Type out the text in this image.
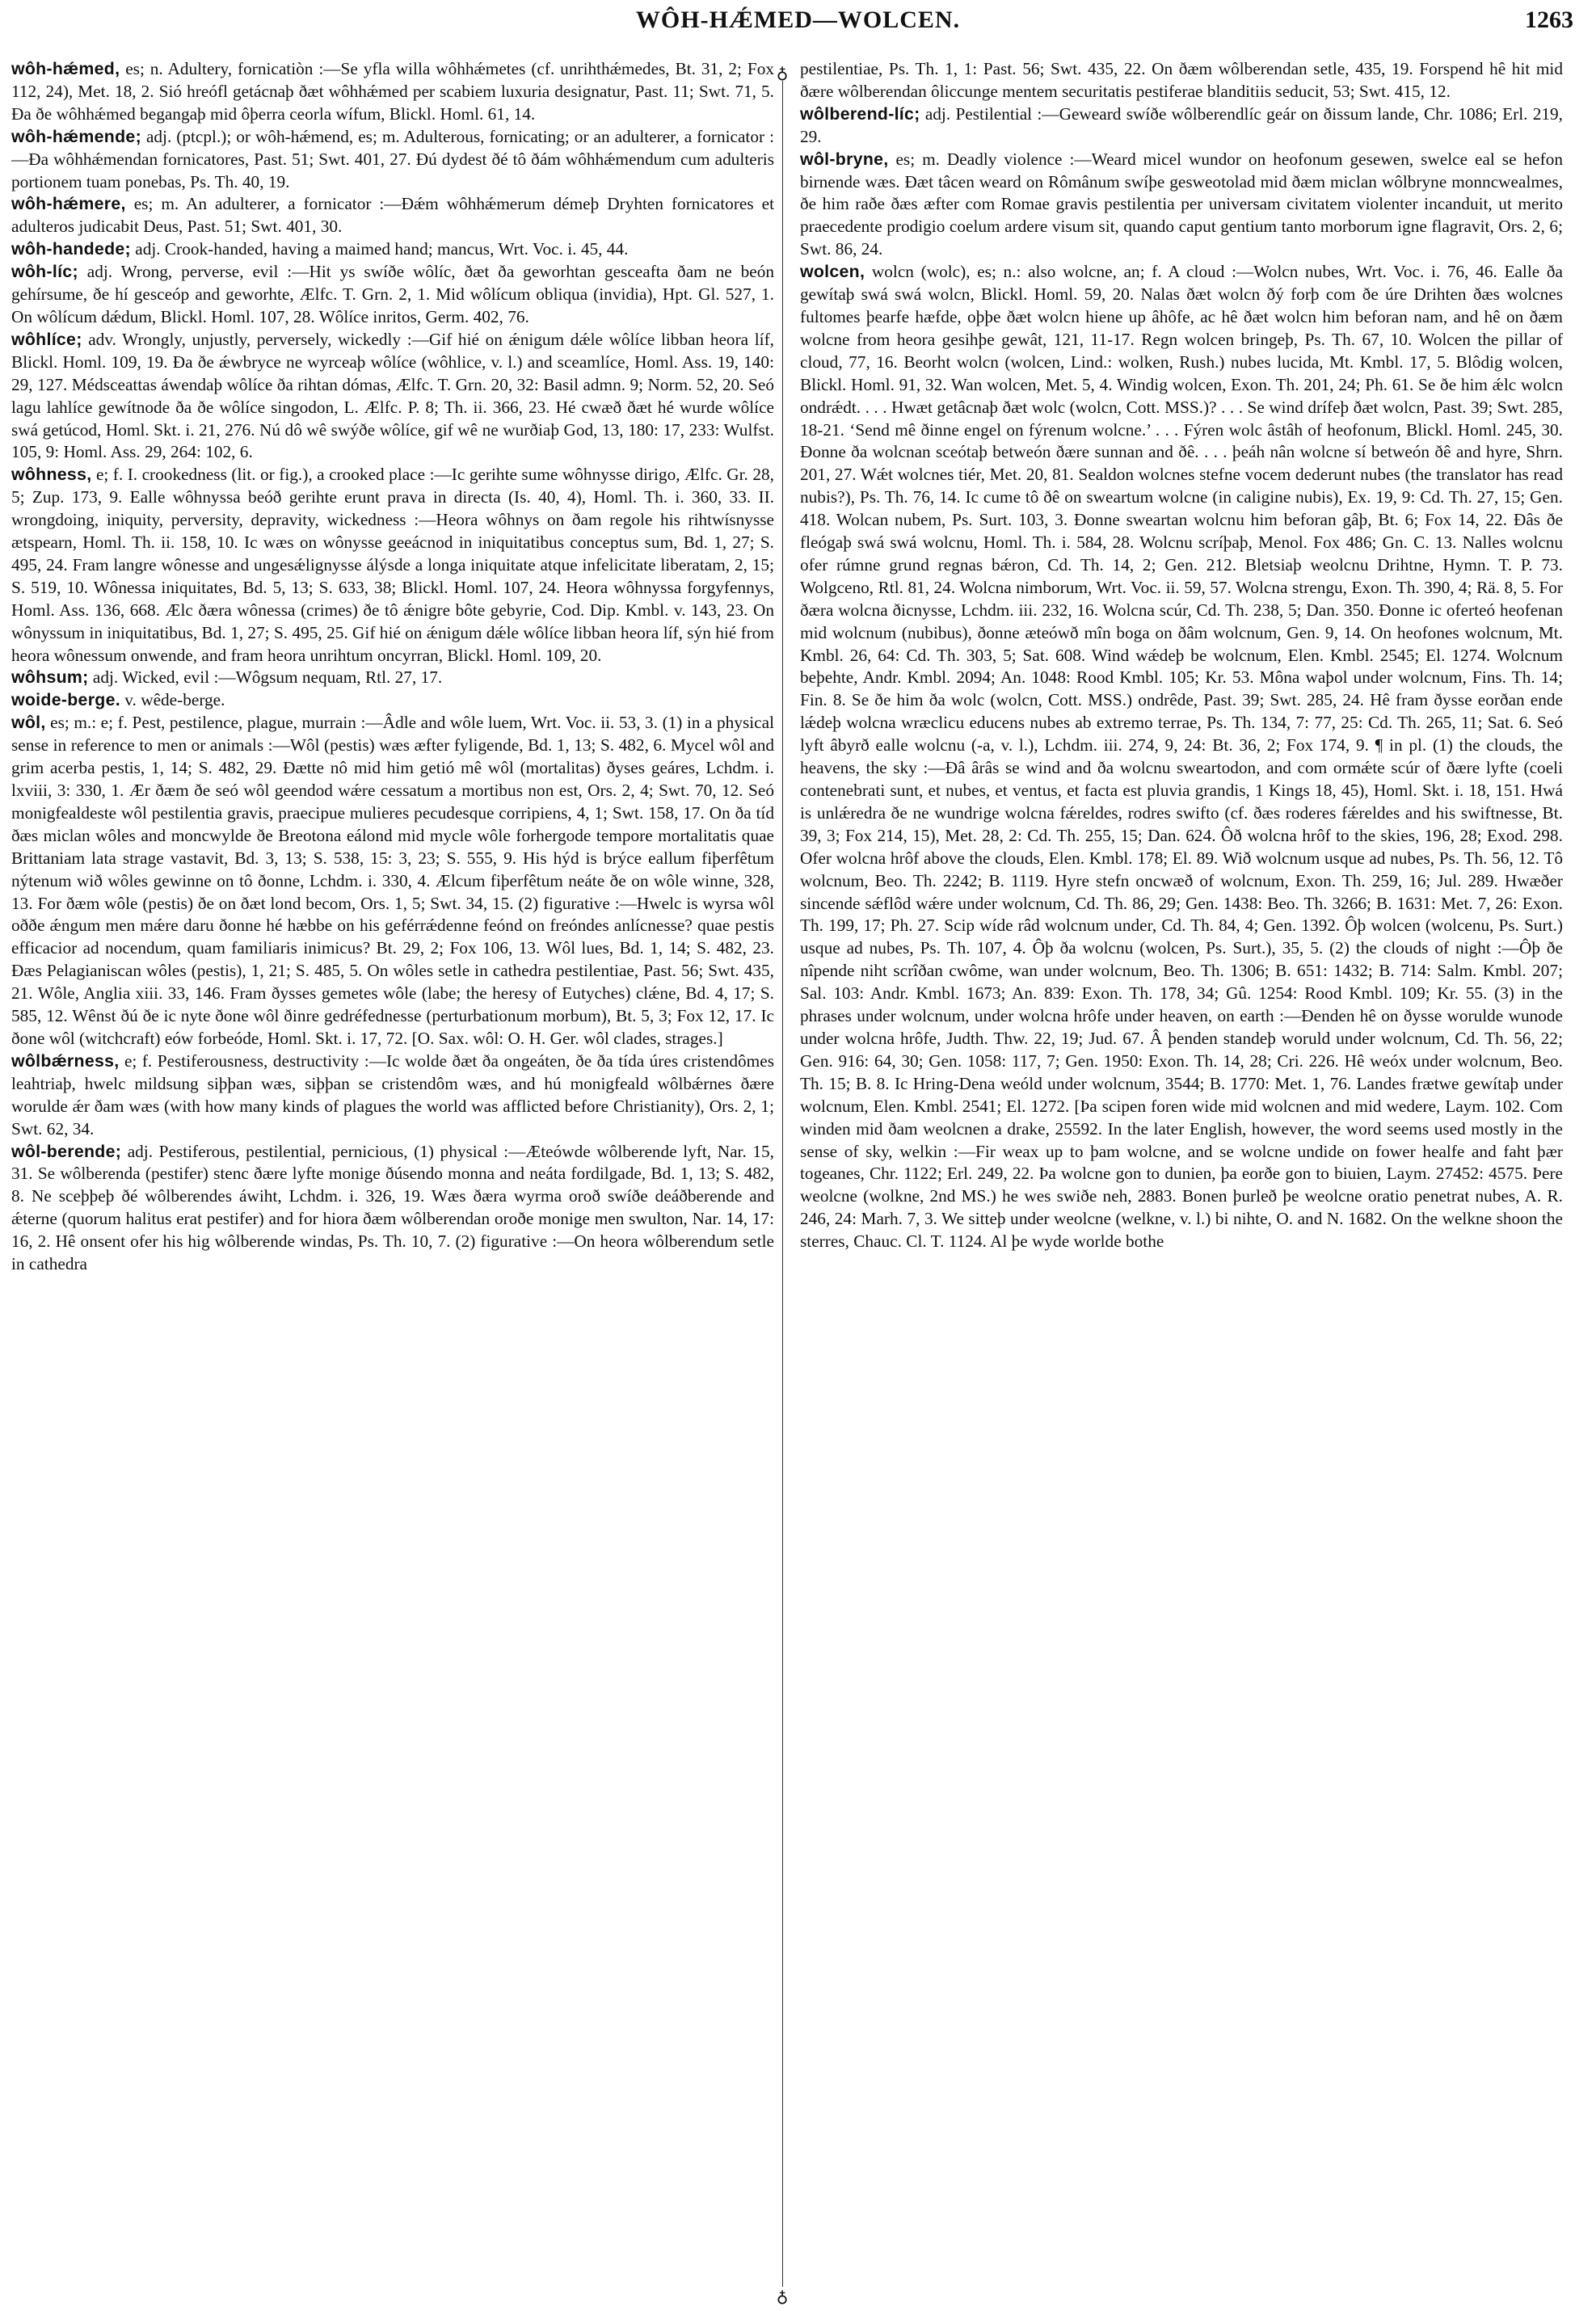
WÔH-HǼMED—WOLCEN.	1263
♁
♁

wôh-hǽmed, es; n. Adultery, fornicatiòn :—Se yfla willa wôhhǽmetes (cf. unrihthǽmedes, Bt. 31, 2; Fox 112, 24), Met. 18, 2. Sió hreófl getácnaþ ðæt wôhhǽmed per scabiem luxuria designatur, Past. 11; Swt. 71, 5. Ða ðe wôhhǽmed begangaþ mid ôþerra ceorla wífum, Blickl. Homl. 61, 14.

wôh-hǽmende; adj. (ptcpl.); or wôh-hǽmend, es; m. Adulterous, fornicating; or an adulterer, a fornicator :—Ða wôhhǽmendan fornicatores, Past. 51; Swt. 401, 27. Ðú dydest ðé tô ðám wôhhǽmendum cum adulteris portionem tuam ponebas, Ps. Th. 40, 19.

wôh-hǽmere, es; m. An adulterer, a fornicator :—Ðǽm wôhhǽmerum démeþ Dryhten fornicatores et adulteros judicabit Deus, Past. 51; Swt. 401, 30.

wôh-handede; adj. Crook-handed, having a maimed hand; mancus, Wrt. Voc. i. 45, 44.

wôh-líc; adj. Wrong, perverse, evil :—Hit ys swíðe wôlíc, ðæt ða geworhtan gesceafta ðam ne beón gehírsume, ðe hí gesceóp and geworhte, Ælfc. T. Grn. 2, 1. Mid wôlícum obliqua (invidia), Hpt. Gl. 527, 1. On wôlícum dǽdum, Blickl. Homl. 107, 28. Wôlíce inritos, Germ. 402, 76.

wôhlíce; adv. Wrongly, unjustly, perversely, wickedly :—Gif hié on ǽnigum dǽle wôlíce libban heora líf, Blickl. Homl. 109, 19. Ða ðe ǽwbryce ne wyrceaþ wôlíce (wôhlice, v. l.) and sceamlíce, Homl. Ass. 19, 140: 29, 127. Médsceattas áwendaþ wôlíce ða rihtan dómas, Ælfc. T. Grn. 20, 32: Basil admn. 9; Norm. 52, 20. Seó lagu lahlíce gewítnode ða ðe wôlíce singodon, L. Ælfc. P. 8; Th. ii. 366, 23. Hé cwæð ðæt hé wurde wôlíce swá getúcod, Homl. Skt. i. 21, 276. Nú dô wê swýðe wôlíce, gif wê ne wurðiaþ God, 13, 180: 17, 233: Wulfst. 105, 9: Homl. Ass. 29, 264: 102, 6.

wôhness, e; f. I. crookedness (lit. or fig.), a crooked place :—Ic gerihte sume wôhnysse dirigo, Ælfc. Gr. 28, 5; Zup. 173, 9. Ealle wôhnyssa beóð gerihte erunt prava in directa (Is. 40, 4), Homl. Th. i. 360, 33. II. wrongdoing, iniquity, perversity, depravity, wickedness :—Heora wôhnys on ðam regole his rihtwísnysse ætspearn, Homl. Th. ii. 158, 10. Ic wæs on wônysse geeácnod in iniquitatibus conceptus sum, Bd. 1, 27; S. 495, 24. Fram langre wônesse and ungesǽlignysse álýsde a longa iniquitate atque infelicitate liberatam, 2, 15; S. 519, 10. Wônessa iniquitates, Bd. 5, 13; S. 633, 38; Blickl. Homl. 107, 24. Heora wôhnyssa forgyfennys, Homl. Ass. 136, 668. Ælc ðæra wônessa (crimes) ðe tô ǽnigre bôte gebyrie, Cod. Dip. Kmbl. v. 143, 23. On wônyssum in iniquitatibus, Bd. 1, 27; S. 495, 25. Gif hié on ǽnigum dǽle wôlíce libban heora líf, sýn hié from heora wônessum onwende, and fram heora unrihtum oncyrran, Blickl. Homl. 109, 20.

wôhsum; adj. Wicked, evil :—Wôgsum nequam, Rtl. 27, 17.

woide-berge. v. wêde-berge.

wôl, es; m.: e; f. Pest, pestilence, plague, murrain :—Âdle and wôle luem, Wrt. Voc. ii. 53, 3. (1) in a physical sense in reference to men or animals :—Wôl (pestis) wæs æfter fyligende, Bd. 1, 13; S. 482, 6. Mycel wôl and grim acerba pestis, 1, 14; S. 482, 29. Ðætte nô mid him getió mê wôl (mortalitas) ðyses geáres, Lchdm. i. lxviii, 3: 330, 1. Ær ðæm ðe seó wôl geendod wǽre cessatum a mortibus non est, Ors. 2, 4; Swt. 70, 12. Seó monigfealdeste wôl pestilentia gravis, praecipue mulieres pecudesque corripiens, 4, 1; Swt. 158, 17. On ða tíd ðæs miclan wôles and moncwylde ðe Breotona eálond mid mycle wôle forhergode tempore mortalitatis quae Brittaniam lata strage vastavit, Bd. 3, 13; S. 538, 15: 3, 23; S. 555, 9. His hýd is brýce eallum fiþerfêtum nýtenum wið wôles gewinne on tô ðonne, Lchdm. i. 330, 4. Ælcum fiþerfêtum neáte ðe on wôle winne, 328, 13. For ðæm wôle (pestis) ðe on ðæt lond becom, Ors. 1, 5; Swt. 34, 15. (2) figurative :—Hwelc is wyrsa wôl oððe ǽngum men mǽre daru ðonne hé hæbbe on his geférrǽdenne feónd on freóndes anlícnesse? quae pestis efficacior ad nocendum, quam familiaris inimicus? Bt. 29, 2; Fox 106, 13. Wôl lues, Bd. 1, 14; S. 482, 23. Ðæs Pelagianiscan wôles (pestis), 1, 21; S. 485, 5. On wôles setle in cathedra pestilentiae, Past. 56; Swt. 435, 21. Wôle, Anglia xiii. 33, 146. Fram ðysses gemetes wôle (labe; the heresy of Eutyches) clǽne, Bd. 4, 17; S. 585, 12. Wênst ðú ðe ic nyte ðone wôl ðinre gedréfednesse (perturbationum morbum), Bt. 5, 3; Fox 12, 17. Ic ðone wôl (witchcraft) eów forbeóde, Homl. Skt. i. 17, 72. [O. Sax. wôl: O. H. Ger. wôl clades, strages.]

wôlbǽrness, e; f. Pestiferousness, destructivity :—Ic wolde ðæt ða ongeáten, ðe ða tída úres cristendômes leahtriaþ, hwelc mildsung siþþan wæs, siþþan se cristendôm wæs, and hú monigfeald wôlbǽrnes ðære worulde ǽr ðam wæs (with how many kinds of plagues the world was afflicted before Christianity), Ors. 2, 1; Swt. 62, 34.

wôl-berende; adj. Pestiferous, pestilential, pernicious, (1) physical :—Æteówde wôlberende lyft, Nar. 15, 31. Se wôlberenda (pestifer) stenc ðære lyfte monige ðúsendo monna and neáta fordilgade, Bd. 1, 13; S. 482, 8. Ne sceþþeþ ðé wôlberendes áwiht, Lchdm. i. 326, 19. Wæs ðæra wyrma oroð swíðe deáðberende and ǽterne (quorum halitus erat pestifer) and for hiora ðæm wôlberendan oroðe monige men swulton, Nar. 14, 17: 16, 2. Hê onsent ofer his hig wôlberende windas, Ps. Th. 10, 7. (2) figurative :—On heora wôlberendum setle in cathedra

pestilentiae, Ps. Th. 1, 1: Past. 56; Swt. 435, 22. On ðæm wôlberendan setle, 435, 19. Forspend hê hit mid ðære wôlberendan ôliccunge mentem securitatis pestiferae blanditiis seducit, 53; Swt. 415, 12.

wôlberend-líc; adj. Pestilential :—Geweard swíðe wôlberendlíc geár on ðissum lande, Chr. 1086; Erl. 219, 29.

wôl-bryne, es; m. Deadly violence :—Weard micel wundor on heofonum gesewen, swelce eal se hefon birnende wæs. Ðæt tâcen weard on Rômânum swíþe gesweotolad mid ðæm miclan wôlbryne monncwealmes, ðe him raðe ðæs æfter com Romae gravis pestilentia per universam civitatem violenter incanduit, ut merito praecedente prodigio coelum ardere visum sit, quando caput gentium tanto morborum igne flagravit, Ors. 2, 6; Swt. 86, 24.

wolcen, wolcn (wolc), es; n.: also wolcne, an; f. A cloud :—Wolcn nubes, Wrt. Voc. i. 76, 46. Ealle ða gewítaþ swá swá wolcn, Blickl. Homl. 59, 20. Nalas ðæt wolcn ðý forþ com ðe úre Drihten ðæs wolcnes fultomes þearfe hæfde, oþþe ðæt wolcn hiene up âhôfe, ac hê ðæt wolcn him beforan nam, and hê on ðæm wolcne from heora gesihþe gewât, 121, 11-17. Regn wolcen bringeþ, Ps. Th. 67, 10. Wolcen the pillar of cloud, 77, 16. Beorht wolcn (wolcen, Lind.: wolken, Rush.) nubes lucida, Mt. Kmbl. 17, 5. Blôdig wolcen, Blickl. Homl. 91, 32. Wan wolcen, Met. 5, 4. Windig wolcen, Exon. Th. 201, 24; Ph. 61. Se ðe him ǽlc wolcn ondrǽdt. . . . Hwæt getâcnaþ ðæt wolc (wolcn, Cott. MSS.)? . . . Se wind drífeþ ðæt wolcn, Past. 39; Swt. 285, 18-21. ‘Send mê ðinne engel on fýrenum wolcne.’ . . . Fýren wolc âstâh of heofonum, Blickl. Homl. 245, 30. Ðonne ða wolcnan sceótaþ betweón ðære sunnan and ðê. . . . þeáh nân wolcne sí betweón ðê and hyre, Shrn. 201, 27. Wǽt wolcnes tiér, Met. 20, 81. Sealdon wolcnes stefne vocem dederunt nubes (the translator has read nubis?), Ps. Th. 76, 14. Ic cume tô ðê on sweartum wolcne (in caligine nubis), Ex. 19, 9: Cd. Th. 27, 15; Gen. 418. Wolcan nubem, Ps. Surt. 103, 3. Ðonne sweartan wolcnu him beforan gâþ, Bt. 6; Fox 14, 22. Ðâs ðe fleógaþ swá swá wolcnu, Homl. Th. i. 584, 28. Wolcnu scríþaþ, Menol. Fox 486; Gn. C. 13. Nalles wolcnu ofer rúmne grund regnas bǽron, Cd. Th. 14, 2; Gen. 212. Bletsiaþ weolcnu Drihtne, Hymn. T. P. 73. Wolgceno, Rtl. 81, 24. Wolcna nimborum, Wrt. Voc. ii. 59, 57. Wolcna strengu, Exon. Th. 390, 4; Rä. 8, 5. For ðæra wolcna ðicnysse, Lchdm. iii. 232, 16. Wolcna scúr, Cd. Th. 238, 5; Dan. 350. Ðonne ic oferteó heofenan mid wolcnum (nubibus), ðonne æteówð mîn boga on ðâm wolcnum, Gen. 9, 14. On heofones wolcnum, Mt. Kmbl. 26, 64: Cd. Th. 303, 5; Sat. 608. Wind wǽdeþ be wolcnum, Elen. Kmbl. 2545; El. 1274. Wolcnum beþehte, Andr. Kmbl. 2094; An. 1048: Rood Kmbl. 105; Kr. 53. Môna waþol under wolcnum, Fins. Th. 14; Fin. 8. Se ðe him ða wolc (wolcn, Cott. MSS.) ondrêde, Past. 39; Swt. 285, 24. Hê fram ðysse eorðan ende lǽdeþ wolcna wræclicu educens nubes ab extremo terrae, Ps. Th. 134, 7: 77, 25: Cd. Th. 265, 11; Sat. 6. Seó lyft âbyrð ealle wolcnu (-a, v. l.), Lchdm. iii. 274, 9, 24: Bt. 36, 2; Fox 174, 9. ¶ in pl. (1) the clouds, the heavens, the sky :—Ðâ ârâs se wind and ða wolcnu sweartodon, and com ormǽte scúr of ðære lyfte (coeli contenebrati sunt, et nubes, et ventus, et facta est pluvia grandis, 1 Kings 18, 45), Homl. Skt. i. 18, 151. Hwá is unlǽredra ðe ne wundrige wolcna fǽreldes, rodres swifto (cf. ðæs roderes fǽreldes and his swiftnesse, Bt. 39, 3; Fox 214, 15), Met. 28, 2: Cd. Th. 255, 15; Dan. 624. Ôð wolcna hrôf to the skies, 196, 28; Exod. 298. Ofer wolcna hrôf above the clouds, Elen. Kmbl. 178; El. 89. Wið wolcnum usque ad nubes, Ps. Th. 56, 12. Tô wolcnum, Beo. Th. 2242; B. 1119. Hyre stefn oncwæð of wolcnum, Exon. Th. 259, 16; Jul. 289. Hwæðer sincende sǽflôd wǽre under wolcnum, Cd. Th. 86, 29; Gen. 1438: Beo. Th. 3266; B. 1631: Met. 7, 26: Exon. Th. 199, 17; Ph. 27. Scip wíde râd wolcnum under, Cd. Th. 84, 4; Gen. 1392. Ôþ wolcen (wolcenu, Ps. Surt.) usque ad nubes, Ps. Th. 107, 4. Ôþ ða wolcnu (wolcen, Ps. Surt.), 35, 5. (2) the clouds of night :—Ôþ ðe nîpende niht scrîðan cwôme, wan under wolcnum, Beo. Th. 1306; B. 651: 1432; B. 714: Salm. Kmbl. 207; Sal. 103: Andr. Kmbl. 1673; An. 839: Exon. Th. 178, 34; Gû. 1254: Rood Kmbl. 109; Kr. 55. (3) in the phrases under wolcnum, under wolcna hrôfe under heaven, on earth :—Ðenden hê on ðysse worulde wunode under wolcna hrôfe, Judth. Thw. 22, 19; Jud. 67. Â þenden standeþ woruld under wolcnum, Cd. Th. 56, 22; Gen. 916: 64, 30; Gen. 1058: 117, 7; Gen. 1950: Exon. Th. 14, 28; Cri. 226. Hê weóx under wolcnum, Beo. Th. 15; B. 8. Ic Hring-Dena weóld under wolcnum, 3544; B. 1770: Met. 1, 76. Landes frætwe gewítaþ under wolcnum, Elen. Kmbl. 2541; El. 1272. [Þa scipen foren wide mid wolcnen and mid wedere, Laym. 102. Com winden mid ðam weolcnen a drake, 25592. In the later English, however, the word seems used mostly in the sense of sky, welkin :—Fir weax up to þam wolcne, and se wolcne undide on fower healfe and faht þær togeanes, Chr. 1122; Erl. 249, 22. Þa wolcne gon to dunien, þa eorðe gon to biuien, Laym. 27452: 4575. Þere weolcne (wolkne, 2nd MS.) he wes swiðe neh, 2883. Bonen þurleð þe weolcne oratio penetrat nubes, A. R. 246, 24: Marh. 7, 3. We sitteþ under weolcne (welkne, v. l.) bi nihte, O. and N. 1682. On the welkne shoon the sterres, Chauc. Cl. T. 1124. Al þe wyde worlde bothe
